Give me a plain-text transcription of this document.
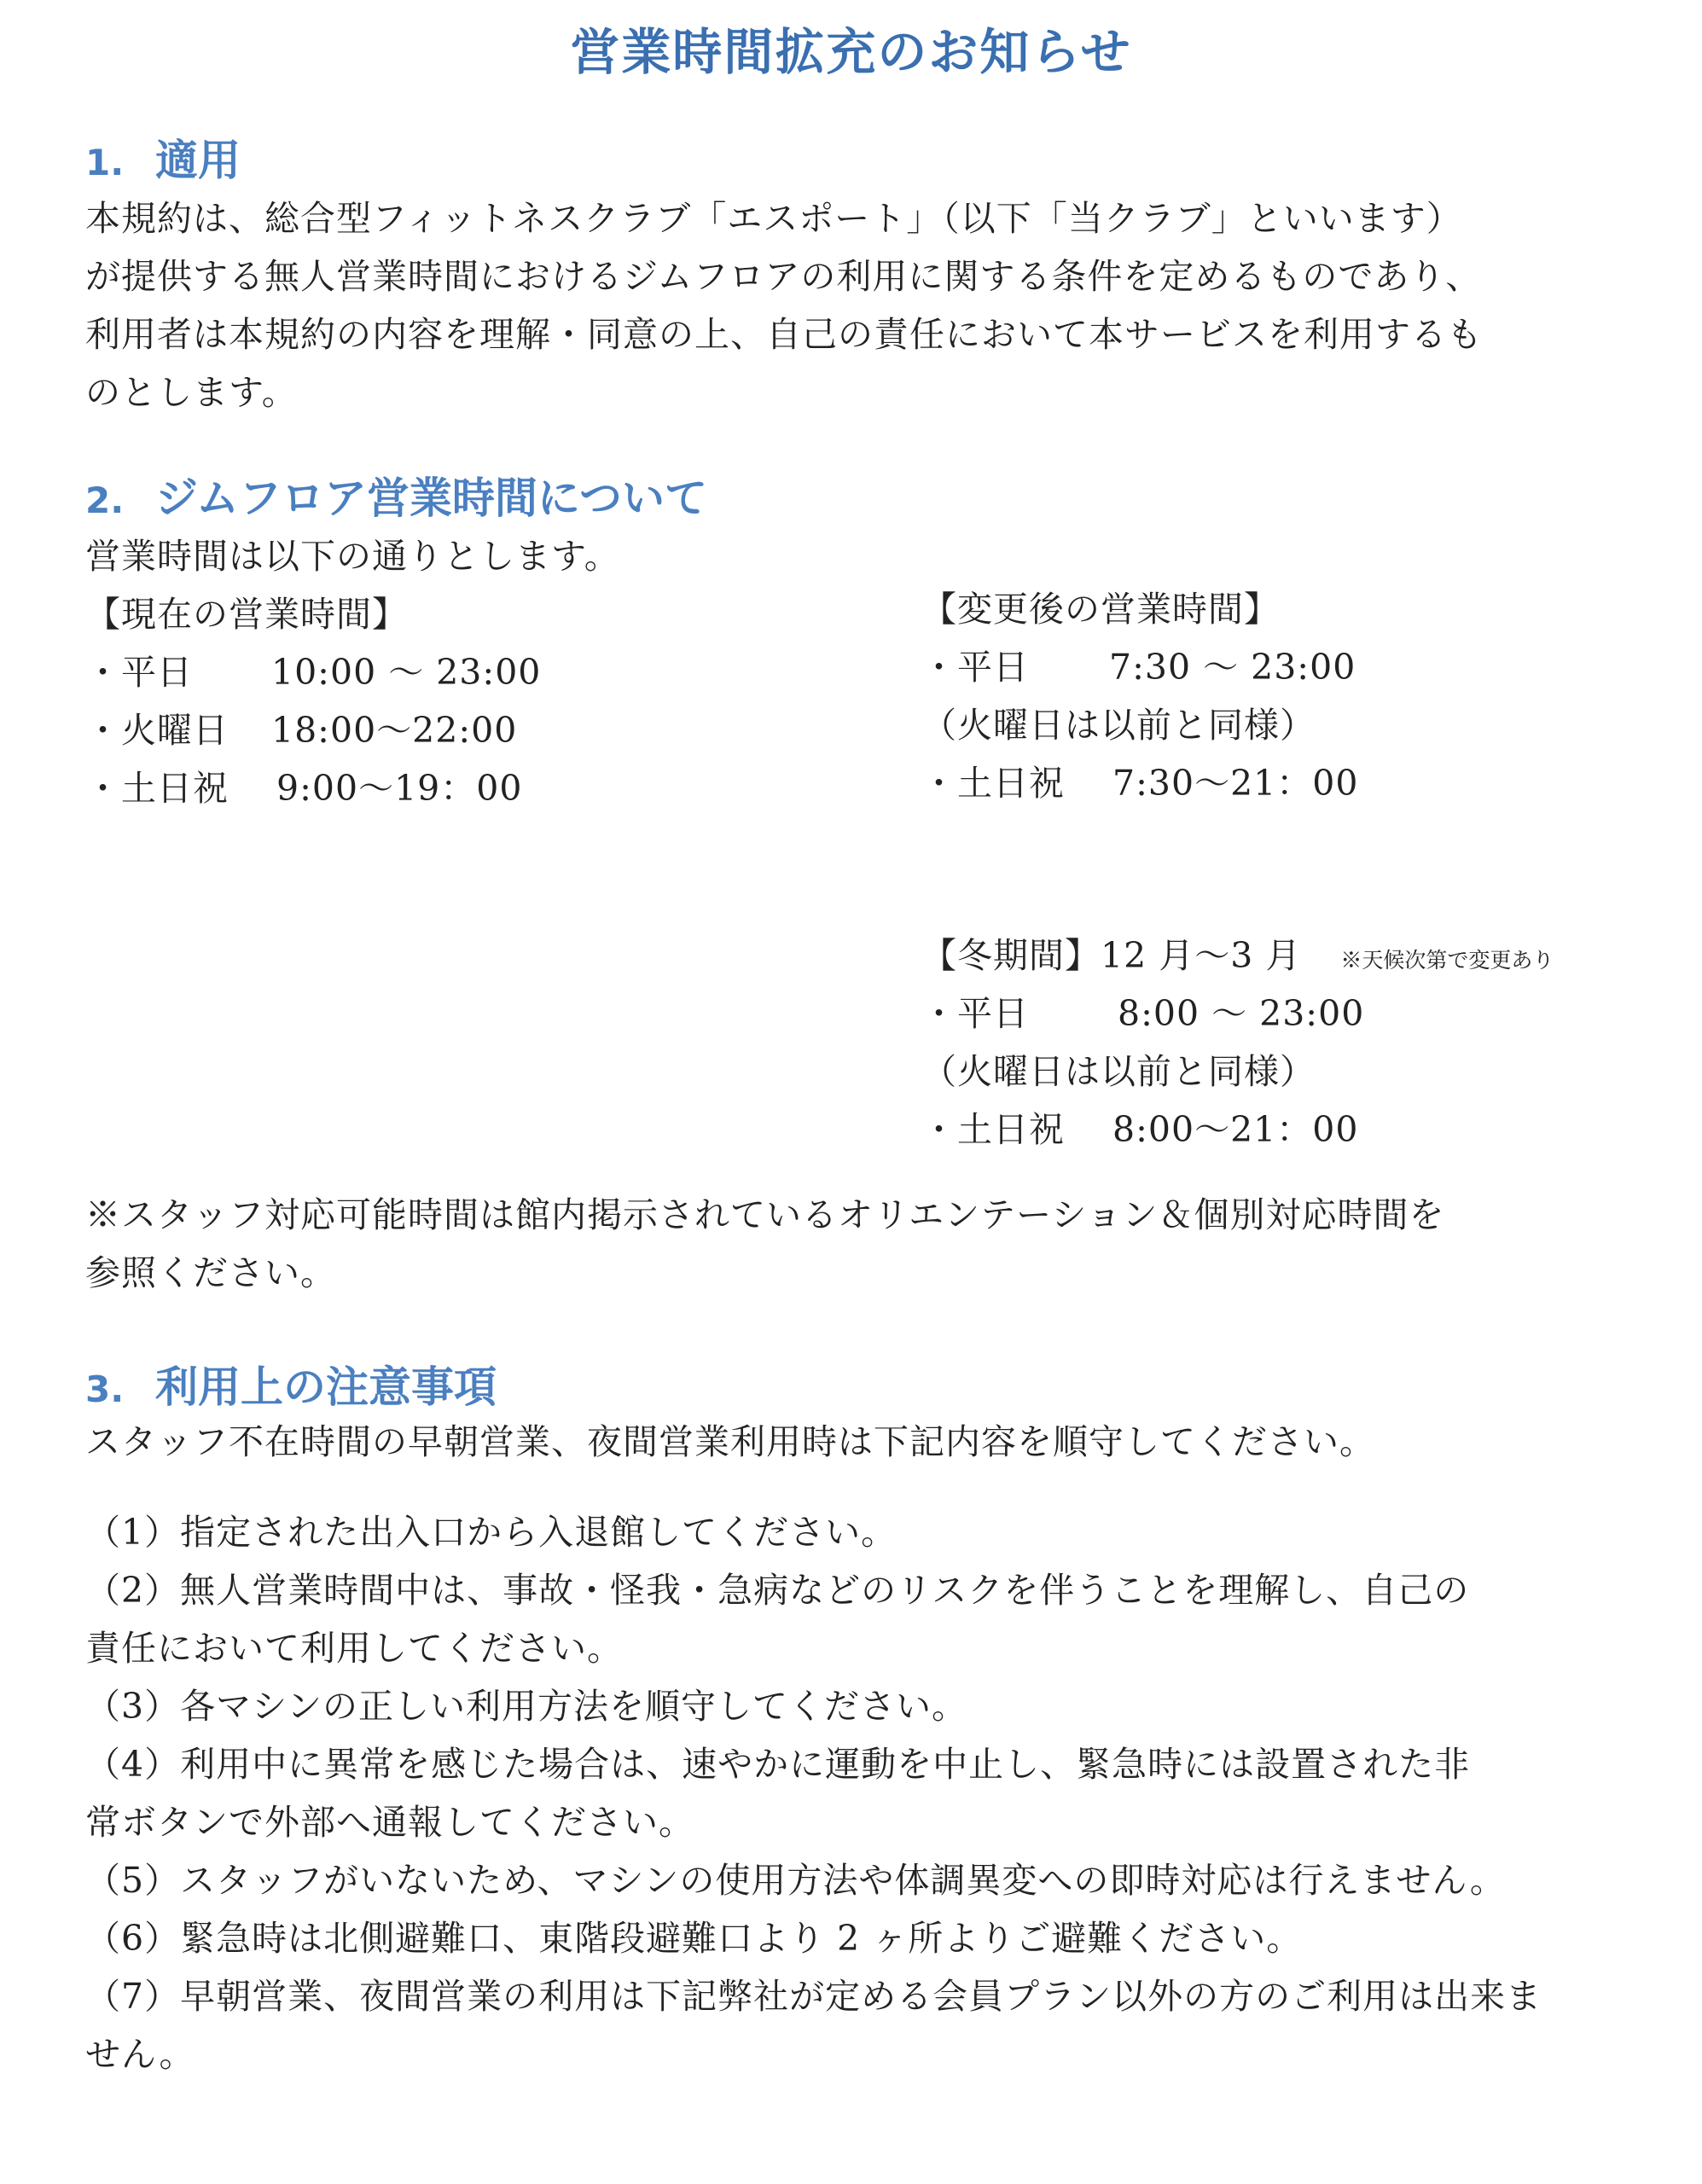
営業時間拡充のお知らせ
1. 適用
本規約は、総合型フィットネスクラブ「エスポート」（以下「当クラブ」といいます）
が提供する無人営業時間におけるジムフロアの利用に関する条件を定めるものであり、
利用者は本規約の内容を理解・同意の上、自己の責任において本サービスを利用するも
のとします。
2. ジムフロア営業時間について
営業時間は以下の通りとします。
【現在の営業時間】
・平日 10:00 〜 23:00
・火曜日 18:00〜22:00
・土日祝 9:00〜19：00
【変更後の営業時間】
・平日 7:30 〜 23:00
（火曜日は以前と同様）
・土日祝 7:30〜21：00
【冬期間】12 月〜3 月 ※天候次第で変更あり
・平日	8:00 〜 23:00
（火曜日は以前と同様）
・土日祝 8:00〜21：00
※スタッフ対応可能時間は館内掲示されているオリエンテーション＆個別対応時間を
参照ください。
3. 利用上の注意事項
スタッフ不在時間の早朝営業、夜間営業利用時は下記内容を順守してください。
（1）指定された出入口から入退館してください。
（2）無人営業時間中は、事故・怪我・急病などのリスクを伴うことを理解し、自己の
責任において利用してください。
（3）各マシンの正しい利用方法を順守してください。
（4）利用中に異常を感じた場合は、速やかに運動を中止し、緊急時には設置された非
常ボタンで外部へ通報してください。
（5）スタッフがいないため、マシンの使用方法や体調異変への即時対応は行えません。
（6）緊急時は北側避難口、東階段避難口より 2 ヶ所よりご避難ください。
（7）早朝営業、夜間営業の利用は下記弊社が定める会員プラン以外の方のご利用は出来ま
せん。
